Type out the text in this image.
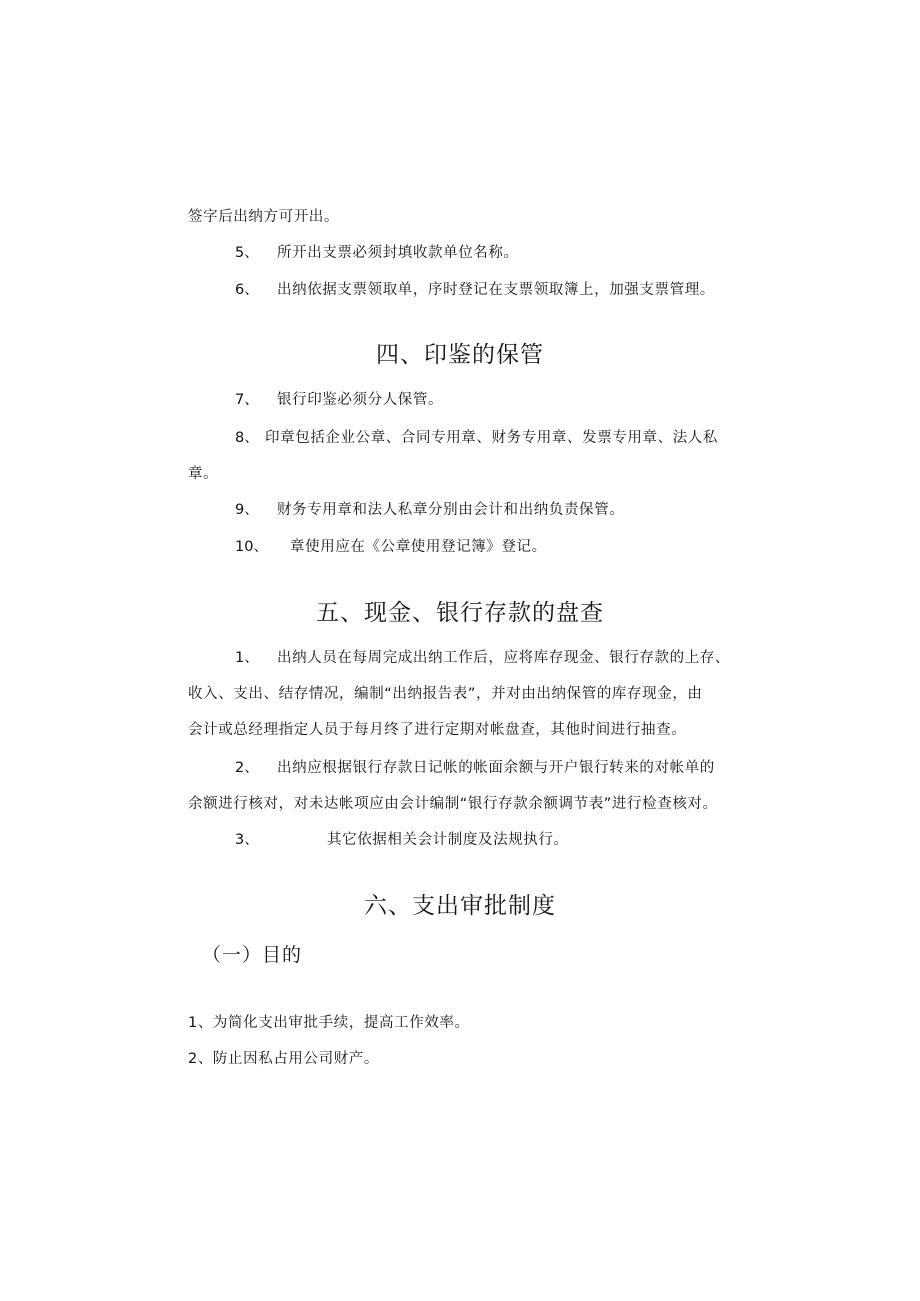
签字后出纳方可开出。
5、 所开出支票必须封填收款单位名称。
6、 出纳依据支票领取单，序时登记在支票领取簿上，加强支票管理。
四、印鉴的保管
7、 银行印鉴必须分人保管。
8、 印章包括企业公章、合同专用章、财务专用章、发票专用章、法人私
章。
9、 财务专用章和法人私章分别由会计和出纳负责保管。
10、 章使用应在《公章使用登记簿》登记。
五、现金、银行存款的盘查
1、 出纳人员在每周完成出纳工作后，应将库存现金、银行存款的上存、
收入、支出、结存情况，编制“出纳报告表”，并对由出纳保管的库存现金，由
会计或总经理指定人员于每月终了进行定期对帐盘查，其他时间进行抽查。
2、 出纳应根据银行存款日记帐的帐面余额与开户银行转来的对帐单的
余额进行核对，对未达帐项应由会计编制“银行存款余额调节表”进行检查核对。
3、	其它依据相关会计制度及法规执行。
六、支出审批制度
（一）目的
1、为简化支出审批手续，提高工作效率。
2、防止因私占用公司财产。
